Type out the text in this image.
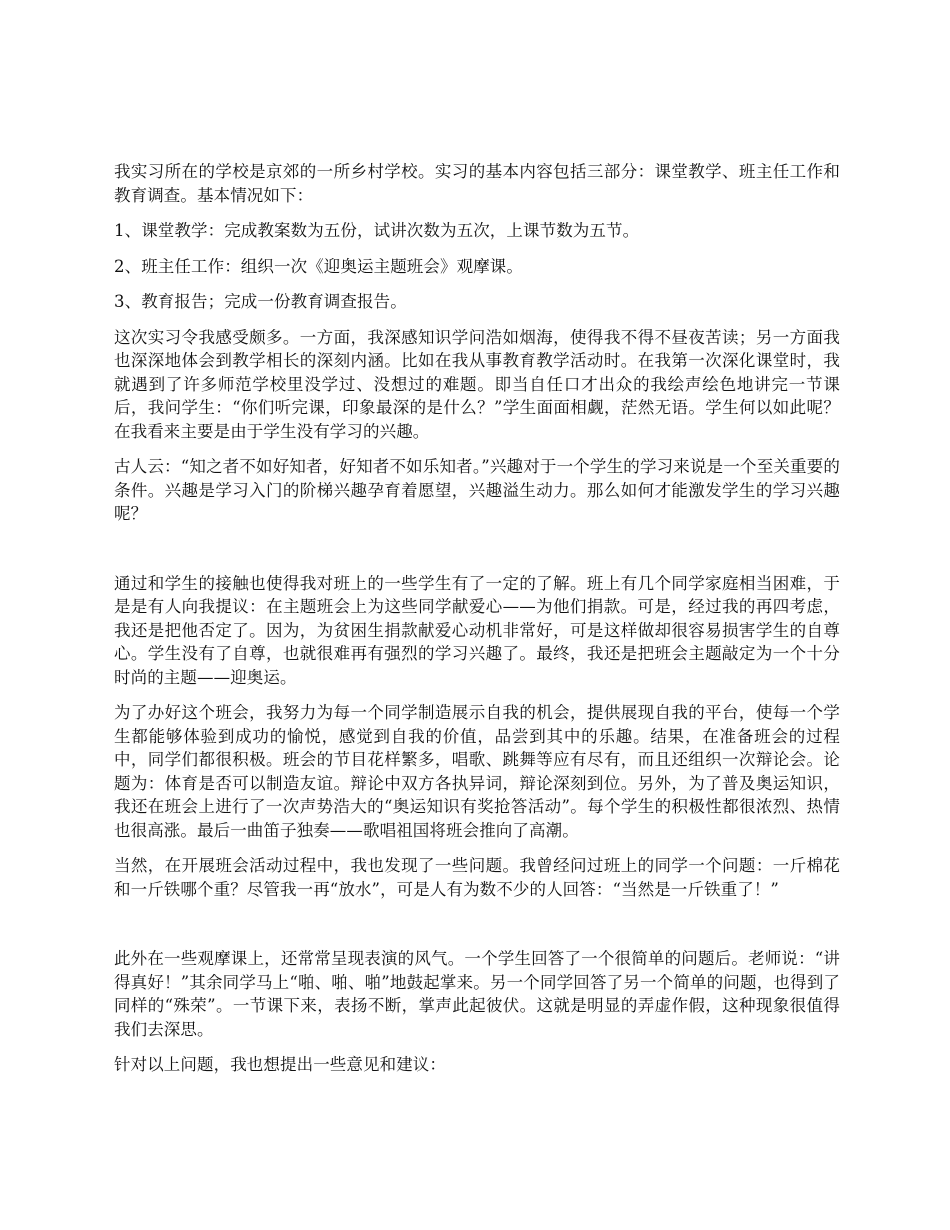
我实习所在的学校是京郊的一所乡村学校。实习的基本内容包括三部分：课堂教学、班主任工作和教育调查。基本情况如下：

1、课堂教学：完成教案数为五份，试讲次数为五次，上课节数为五节。

2、班主任工作：组织一次《迎奥运主题班会》观摩课。

3、教育报告；完成一份教育调查报告。

这次实习令我感受颇多。一方面，我深感知识学问浩如烟海，使得我不得不昼夜苦读；另一方面我也深深地体会到教学相长的深刻内涵。比如在我从事教育教学活动时。在我第一次深化课堂时，我就遇到了许多师范学校里没学过、没想过的难题。即当自任口才出众的我绘声绘色地讲完一节课后，我问学生：“你们听完课，印象最深的是什么？”学生面面相觑，茫然无语。学生何以如此呢？在我看来主要是由于学生没有学习的兴趣。

古人云：“知之者不如好知者，好知者不如乐知者。”兴趣对于一个学生的学习来说是一个至关重要的条件。兴趣是学习入门的阶梯兴趣孕育着愿望，兴趣溢生动力。那么如何才能激发学生的学习兴趣呢？

通过和学生的接触也使得我对班上的一些学生有了一定的了解。班上有几个同学家庭相当困难，于是是有人向我提议：在主题班会上为这些同学献爱心——为他们捐款。可是，经过我的再四考虑，我还是把他否定了。因为，为贫困生捐款献爱心动机非常好，可是这样做却很容易损害学生的自尊心。学生没有了自尊，也就很难再有强烈的学习兴趣了。最终，我还是把班会主题敲定为一个十分时尚的主题——迎奥运。

为了办好这个班会，我努力为每一个同学制造展示自我的机会，提供展现自我的平台，使每一个学生都能够体验到成功的愉悦，感觉到自我的价值，品尝到其中的乐趣。结果，在准备班会的过程中，同学们都很积极。班会的节目花样繁多，唱歌、跳舞等应有尽有，而且还组织一次辩论会。论题为：体育是否可以制造友谊。辩论中双方各执异词，辩论深刻到位。另外，为了普及奥运知识，我还在班会上进行了一次声势浩大的“奥运知识有奖抢答活动”。每个学生的积极性都很浓烈、热情也很高涨。最后一曲笛子独奏——歌唱祖国将班会推向了高潮。

当然，在开展班会活动过程中，我也发现了一些问题。我曾经问过班上的同学一个问题：一斤棉花和一斤铁哪个重？尽管我一再“放水”，可是人有为数不少的人回答：“当然是一斤铁重了！”

此外在一些观摩课上，还常常呈现表演的风气。一个学生回答了一个很简单的问题后。老师说：“讲得真好！”其余同学马上“啪、啪、啪”地鼓起掌来。另一个同学回答了另一个简单的问题，也得到了同样的“殊荣”。一节课下来，表扬不断，掌声此起彼伏。这就是明显的弄虚作假，这种现象很值得我们去深思。

针对以上问题，我也想提出一些意见和建议：
